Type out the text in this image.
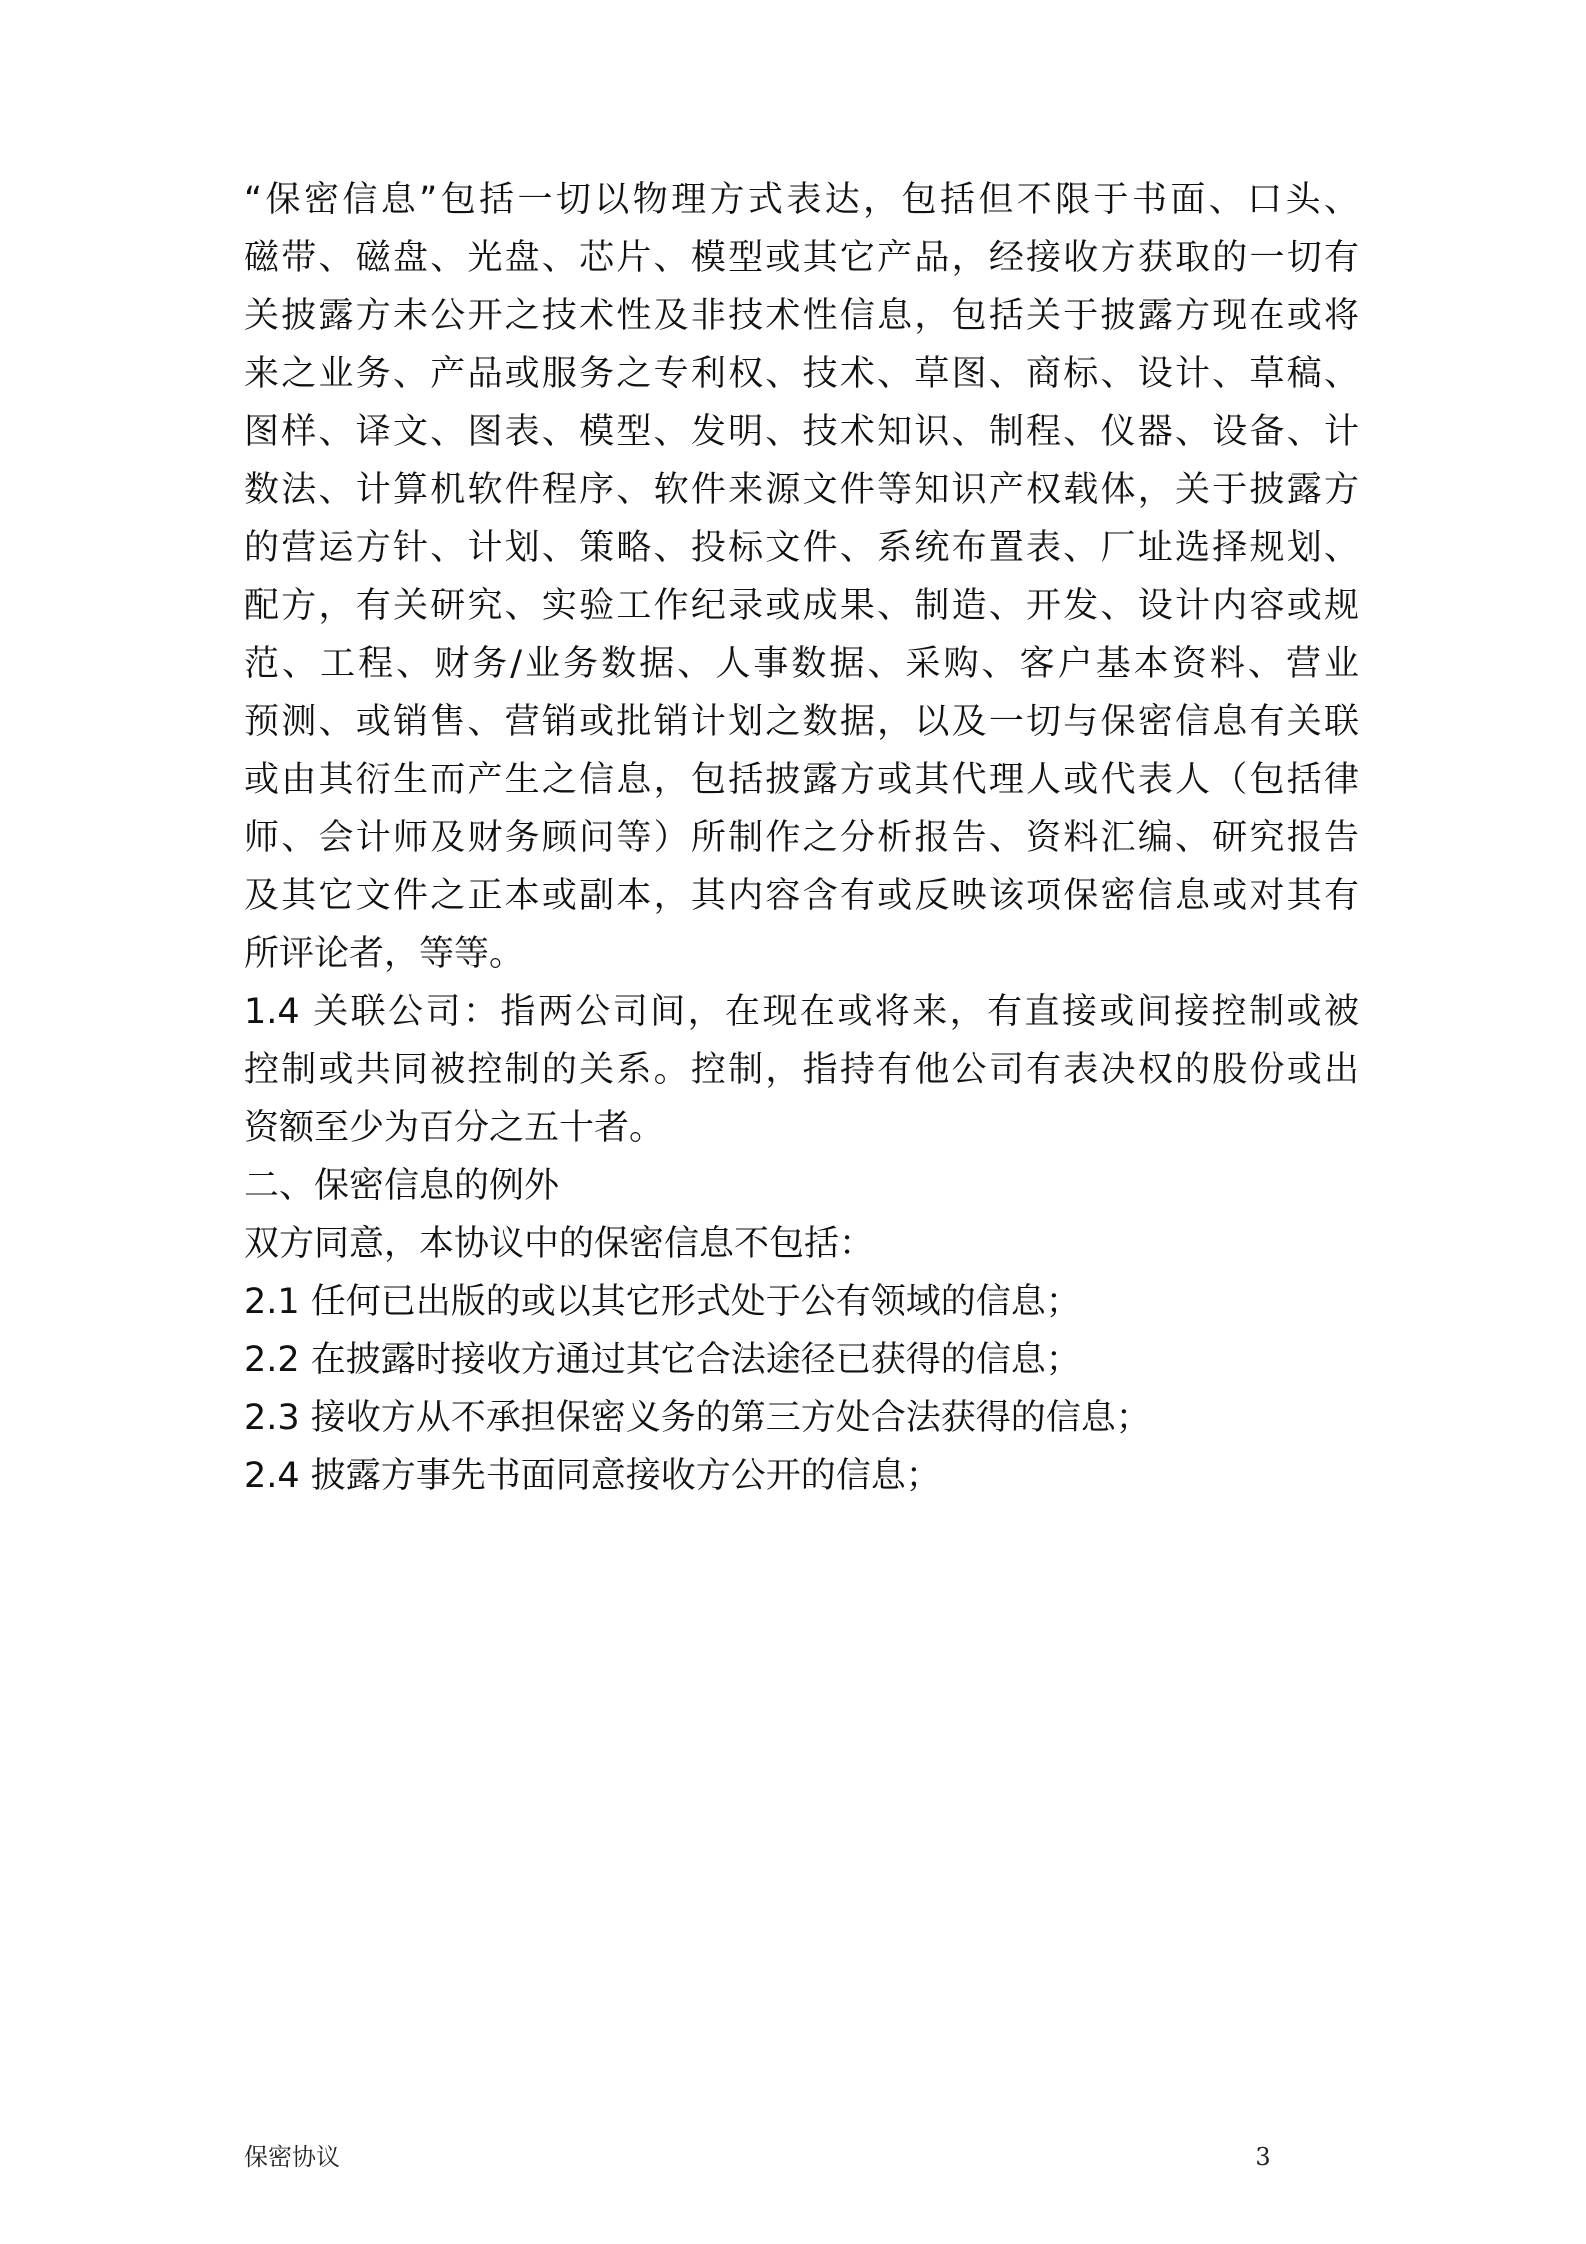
“保密信息”包括一切以物理方式表达，包括但不限于书面、口头、
磁带、磁盘、光盘、芯片、模型或其它产品，经接收方获取的一切有
关披露方未公开之技术性及非技术性信息，包括关于披露方现在或将
来之业务、产品或服务之专利权、技术、草图、商标、设计、草稿、
图样、译文、图表、模型、发明、技术知识、制程、仪器、设备、计
数法、计算机软件程序、软件来源文件等知识产权载体，关于披露方
的营运方针、计划、策略、投标文件、系统布置表、厂址选择规划、
配方，有关研究、实验工作纪录或成果、制造、开发、设计内容或规
范、工程、财务/业务数据、人事数据、采购、客户基本资料、营业
预测、或销售、营销或批销计划之数据，以及一切与保密信息有关联
或由其衍生而产生之信息，包括披露方或其代理人或代表人（包括律
师、会计师及财务顾问等）所制作之分析报告、资料汇编、研究报告
及其它文件之正本或副本，其内容含有或反映该项保密信息或对其有
所评论者，等等。
1.4 关联公司：指两公司间，在现在或将来，有直接或间接控制或被
控制或共同被控制的关系。控制，指持有他公司有表决权的股份或出
资额至少为百分之五十者。
二、保密信息的例外
双方同意，本协议中的保密信息不包括：
2.1 任何已出版的或以其它形式处于公有领域的信息；
2.2 在披露时接收方通过其它合法途径已获得的信息；
2.3 接收方从不承担保密义务的第三方处合法获得的信息；
2.4 披露方事先书面同意接收方公开的信息；
保密协议	3
